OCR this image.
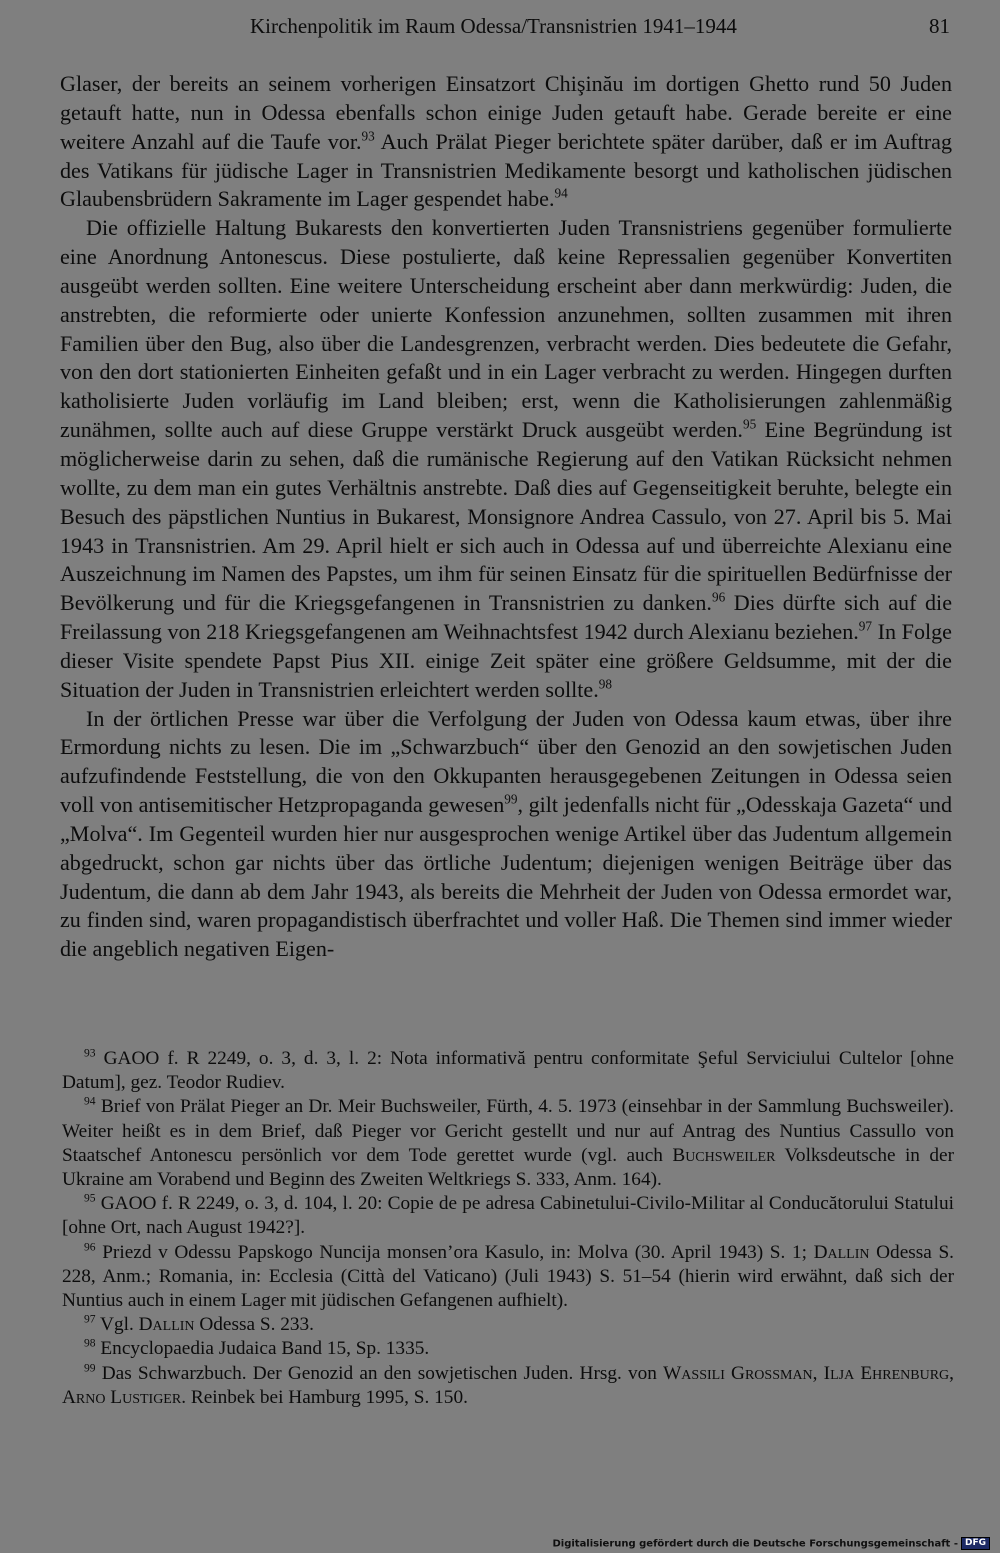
Kirchenpolitik im Raum Odessa/Transnistrien 1941–1944	81

Glaser, der bereits an seinem vorherigen Einsatzort Chişinău im dortigen Ghetto rund 50 Juden getauft hatte, nun in Odessa ebenfalls schon einige Juden getauft habe. Gerade bereite er eine weitere Anzahl auf die Taufe vor.$^{93}$ Auch Prälat Pieger berichtete später darüber, daß er im Auftrag des Vatikans für jüdische Lager in Transnistrien Medikamente besorgt und katholischen jüdischen Glaubensbrüdern Sakramente im Lager gespendet habe.$^{94}$

Die offizielle Haltung Bukarests den konvertierten Juden Transnistriens gegenüber formulierte eine Anordnung Antonescus. Diese postulierte, daß keine Repressalien gegenüber Konvertiten ausgeübt werden sollten. Eine weitere Unterscheidung erscheint aber dann merkwürdig: Juden, die anstrebten, die reformierte oder unierte Konfession anzunehmen, sollten zusammen mit ihren Familien über den Bug, also über die Landesgrenzen, verbracht werden. Dies bedeutete die Gefahr, von den dort stationierten Einheiten gefaßt und in ein Lager verbracht zu werden. Hingegen durften katholisierte Juden vorläufig im Land bleiben; erst, wenn die Katholisierungen zahlenmäßig zunähmen, sollte auch auf diese Gruppe verstärkt Druck ausgeübt werden.$^{95}$ Eine Begründung ist möglicherweise darin zu sehen, daß die rumänische Regierung auf den Vatikan Rücksicht nehmen wollte, zu dem man ein gutes Verhältnis anstrebte. Daß dies auf Gegenseitigkeit beruhte, belegte ein Besuch des päpstlichen Nuntius in Bukarest, Monsignore Andrea Cassulo, von 27. April bis 5. Mai 1943 in Transnistrien. Am 29. April hielt er sich auch in Odessa auf und überreichte Alexianu eine Auszeichnung im Namen des Papstes, um ihm für seinen Einsatz für die spirituellen Bedürfnisse der Bevölkerung und für die Kriegsgefangenen in Transnistrien zu danken.$^{96}$ Dies dürfte sich auf die Freilassung von 218 Kriegsgefangenen am Weihnachtsfest 1942 durch Alexianu beziehen.$^{97}$ In Folge dieser Visite spendete Papst Pius XII. einige Zeit später eine größere Geldsumme, mit der die Situation der Juden in Transnistrien erleichtert werden sollte.$^{98}$

In der örtlichen Presse war über die Verfolgung der Juden von Odessa kaum etwas, über ihre Ermordung nichts zu lesen. Die im „Schwarzbuch“ über den Genozid an den sowjetischen Juden aufzufindende Feststellung, die von den Okkupanten herausgegebenen Zeitungen in Odessa seien voll von antisemitischer Hetzpropaganda gewesen$^{99}$, gilt jedenfalls nicht für „Odesskaja Gazeta“ und „Molva“. Im Gegenteil wurden hier nur ausgesprochen wenige Artikel über das Judentum allgemein abgedruckt, schon gar nichts über das örtliche Judentum; diejenigen wenigen Beiträge über das Judentum, die dann ab dem Jahr 1943, als bereits die Mehrheit der Juden von Odessa ermordet war, zu finden sind, waren propagandistisch überfrachtet und voller Haß. Die Themen sind immer wieder die angeblich negativen Eigen-

$^{93}$ GAOO f. R 2249, o. 3, d. 3, l. 2: Nota informativă pentru conformitate Şeful Serviciului Cultelor [ohne Datum], gez. Teodor Rudiev.

$^{94}$ Brief von Prälat Pieger an Dr. Meir Buchsweiler, Fürth, 4. 5. 1973 (einsehbar in der Sammlung Buchsweiler). Weiter heißt es in dem Brief, daß Pieger vor Gericht gestellt und nur auf Antrag des Nuntius Cassullo von Staatschef Antonescu persönlich vor dem Tode gerettet wurde (vgl. auch Buchsweiler Volksdeutsche in der Ukraine am Vorabend und Beginn des Zweiten Weltkriegs S. 333, Anm. 164).

$^{95}$ GAOO f. R 2249, o. 3, d. 104, l. 20: Copie de pe adresa Cabinetului-Civilo-Militar al Conducătorului Statului [ohne Ort, nach August 1942?].

$^{96}$ Priezd v Odessu Papskogo Nuncija monsen’ora Kasulo, in: Molva (30. April 1943) S. 1; Dallin Odessa S. 228, Anm.; Romania, in: Ecclesia (Città del Vaticano) (Juli 1943) S. 51–54 (hierin wird erwähnt, daß sich der Nuntius auch in einem Lager mit jüdischen Gefangenen aufhielt).

$^{97}$ Vgl. Dallin Odessa S. 233.

$^{98}$ Encyclopaedia Judaica Band 15, Sp. 1335.

$^{99}$ Das Schwarzbuch. Der Genozid an den sowjetischen Juden. Hrsg. von Wassili Grossman, Ilja Ehrenburg, Arno Lustiger. Reinbek bei Hamburg 1995, S. 150.

Digitalisierung gefördert durch die Deutsche Forschungsgemeinschaft - DFG
